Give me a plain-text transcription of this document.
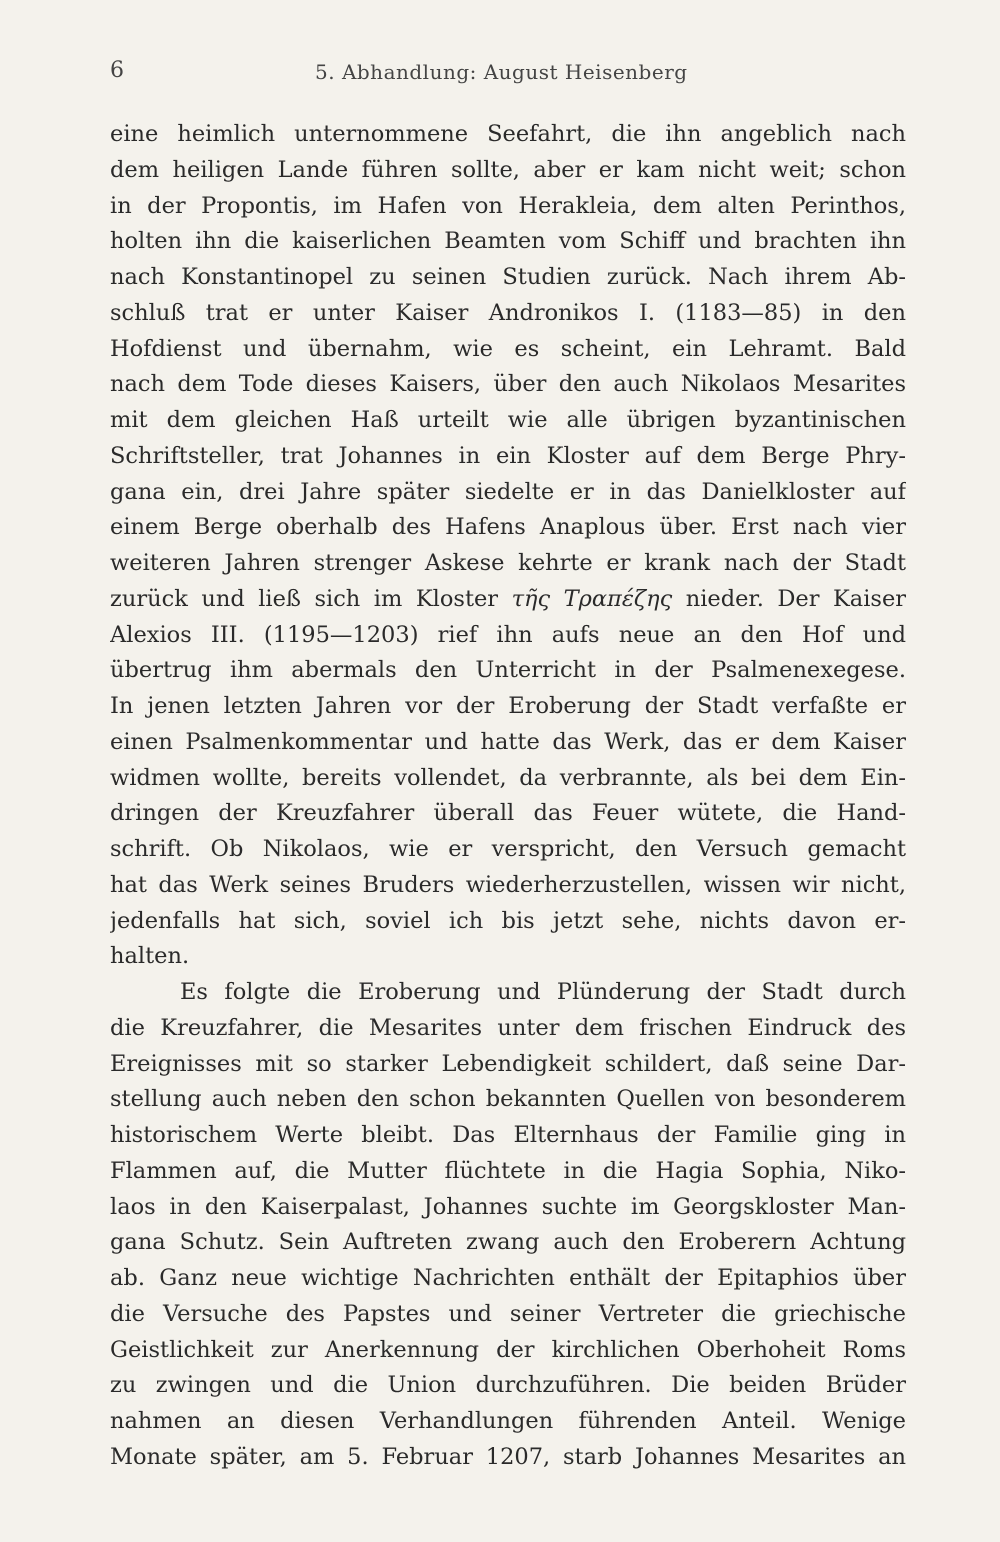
6	5. Abhandlung: August Heisenberg
eine heimlich unternommene Seefahrt, die ihn angeblich nach
dem heiligen Lande führen sollte, aber er kam nicht weit; schon
in der Propontis, im Hafen von Herakleia, dem alten Perinthos,
holten ihn die kaiserlichen Beamten vom Schiff und brachten ihn
nach Konstantinopel zu seinen Studien zurück. Nach ihrem Ab-
schluß trat er unter Kaiser Andronikos I. (1183—85) in den
Hofdienst und übernahm, wie es scheint, ein Lehramt. Bald
nach dem Tode dieses Kaisers, über den auch Nikolaos Mesarites
mit dem gleichen Haß urteilt wie alle übrigen byzantinischen
Schriftsteller, trat Johannes in ein Kloster auf dem Berge Phry-
gana ein, drei Jahre später siedelte er in das Danielkloster auf
einem Berge oberhalb des Hafens Anaplous über. Erst nach vier
weiteren Jahren strenger Askese kehrte er krank nach der Stadt
zurück und ließ sich im Kloster τῆς Τραπέζης nieder. Der Kaiser
Alexios III. (1195—1203) rief ihn aufs neue an den Hof und
übertrug ihm abermals den Unterricht in der Psalmenexegese.
In jenen letzten Jahren vor der Eroberung der Stadt verfaßte er
einen Psalmenkommentar und hatte das Werk, das er dem Kaiser
widmen wollte, bereits vollendet, da verbrannte, als bei dem Ein-
dringen der Kreuzfahrer überall das Feuer wütete, die Hand-
schrift. Ob Nikolaos, wie er verspricht, den Versuch gemacht
hat das Werk seines Bruders wiederherzustellen, wissen wir nicht,
jedenfalls hat sich, soviel ich bis jetzt sehe, nichts davon er-
halten.
Es folgte die Eroberung und Plünderung der Stadt durch
die Kreuzfahrer, die Mesarites unter dem frischen Eindruck des
Ereignisses mit so starker Lebendigkeit schildert, daß seine Dar-
stellung auch neben den schon bekannten Quellen von besonderem
historischem Werte bleibt. Das Elternhaus der Familie ging in
Flammen auf, die Mutter flüchtete in die Hagia Sophia, Niko-
laos in den Kaiserpalast, Johannes suchte im Georgskloster Man-
gana Schutz. Sein Auftreten zwang auch den Eroberern Achtung
ab. Ganz neue wichtige Nachrichten enthält der Epitaphios über
die Versuche des Papstes und seiner Vertreter die griechische
Geistlichkeit zur Anerkennung der kirchlichen Oberhoheit Roms
zu zwingen und die Union durchzuführen. Die beiden Brüder
nahmen an diesen Verhandlungen führenden Anteil. Wenige
Monate später, am 5. Februar 1207, starb Johannes Mesarites an
